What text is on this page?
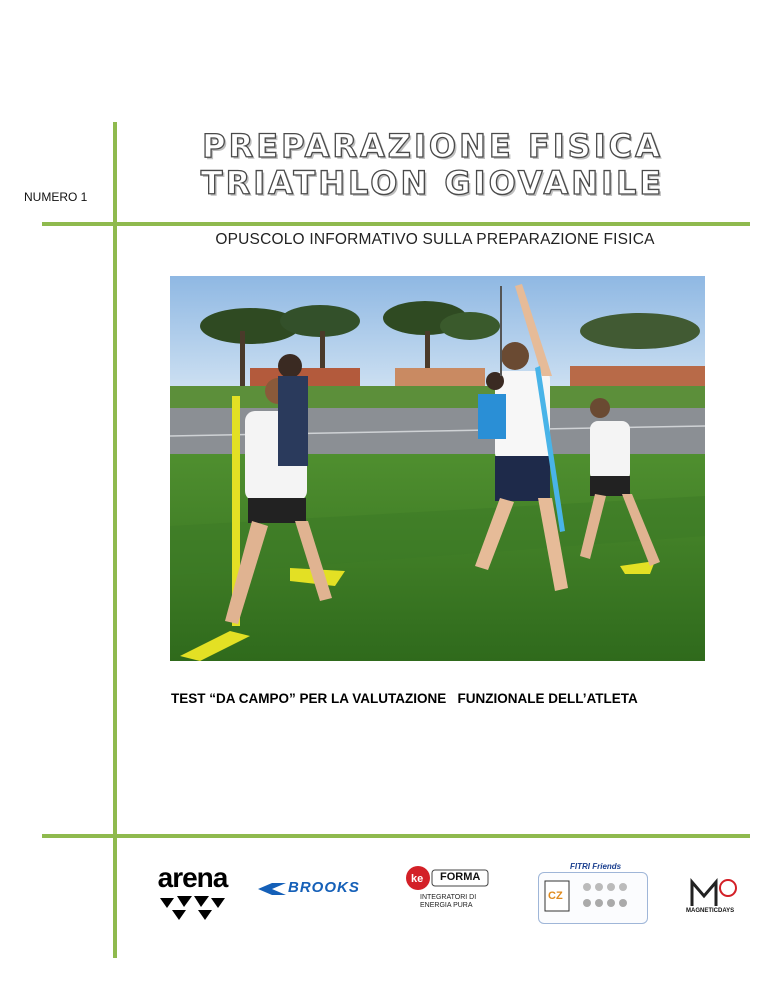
NUMERO 1
PREPARAZIONE FISICA
TRIATHLON GIOVANILE
OPUSCOLO INFORMATIVO SULLA PREPARAZIONE FISICA
TEST “DA CAMPO” PER LA VALUTAZIONE   FUNZIONALE DELL’ATLETA
arena	BROOKS	ke FORMA
INTEGRATORI DI ENERGIA PURA
FITRI Friends
CZ
MAGNETICDAYS
